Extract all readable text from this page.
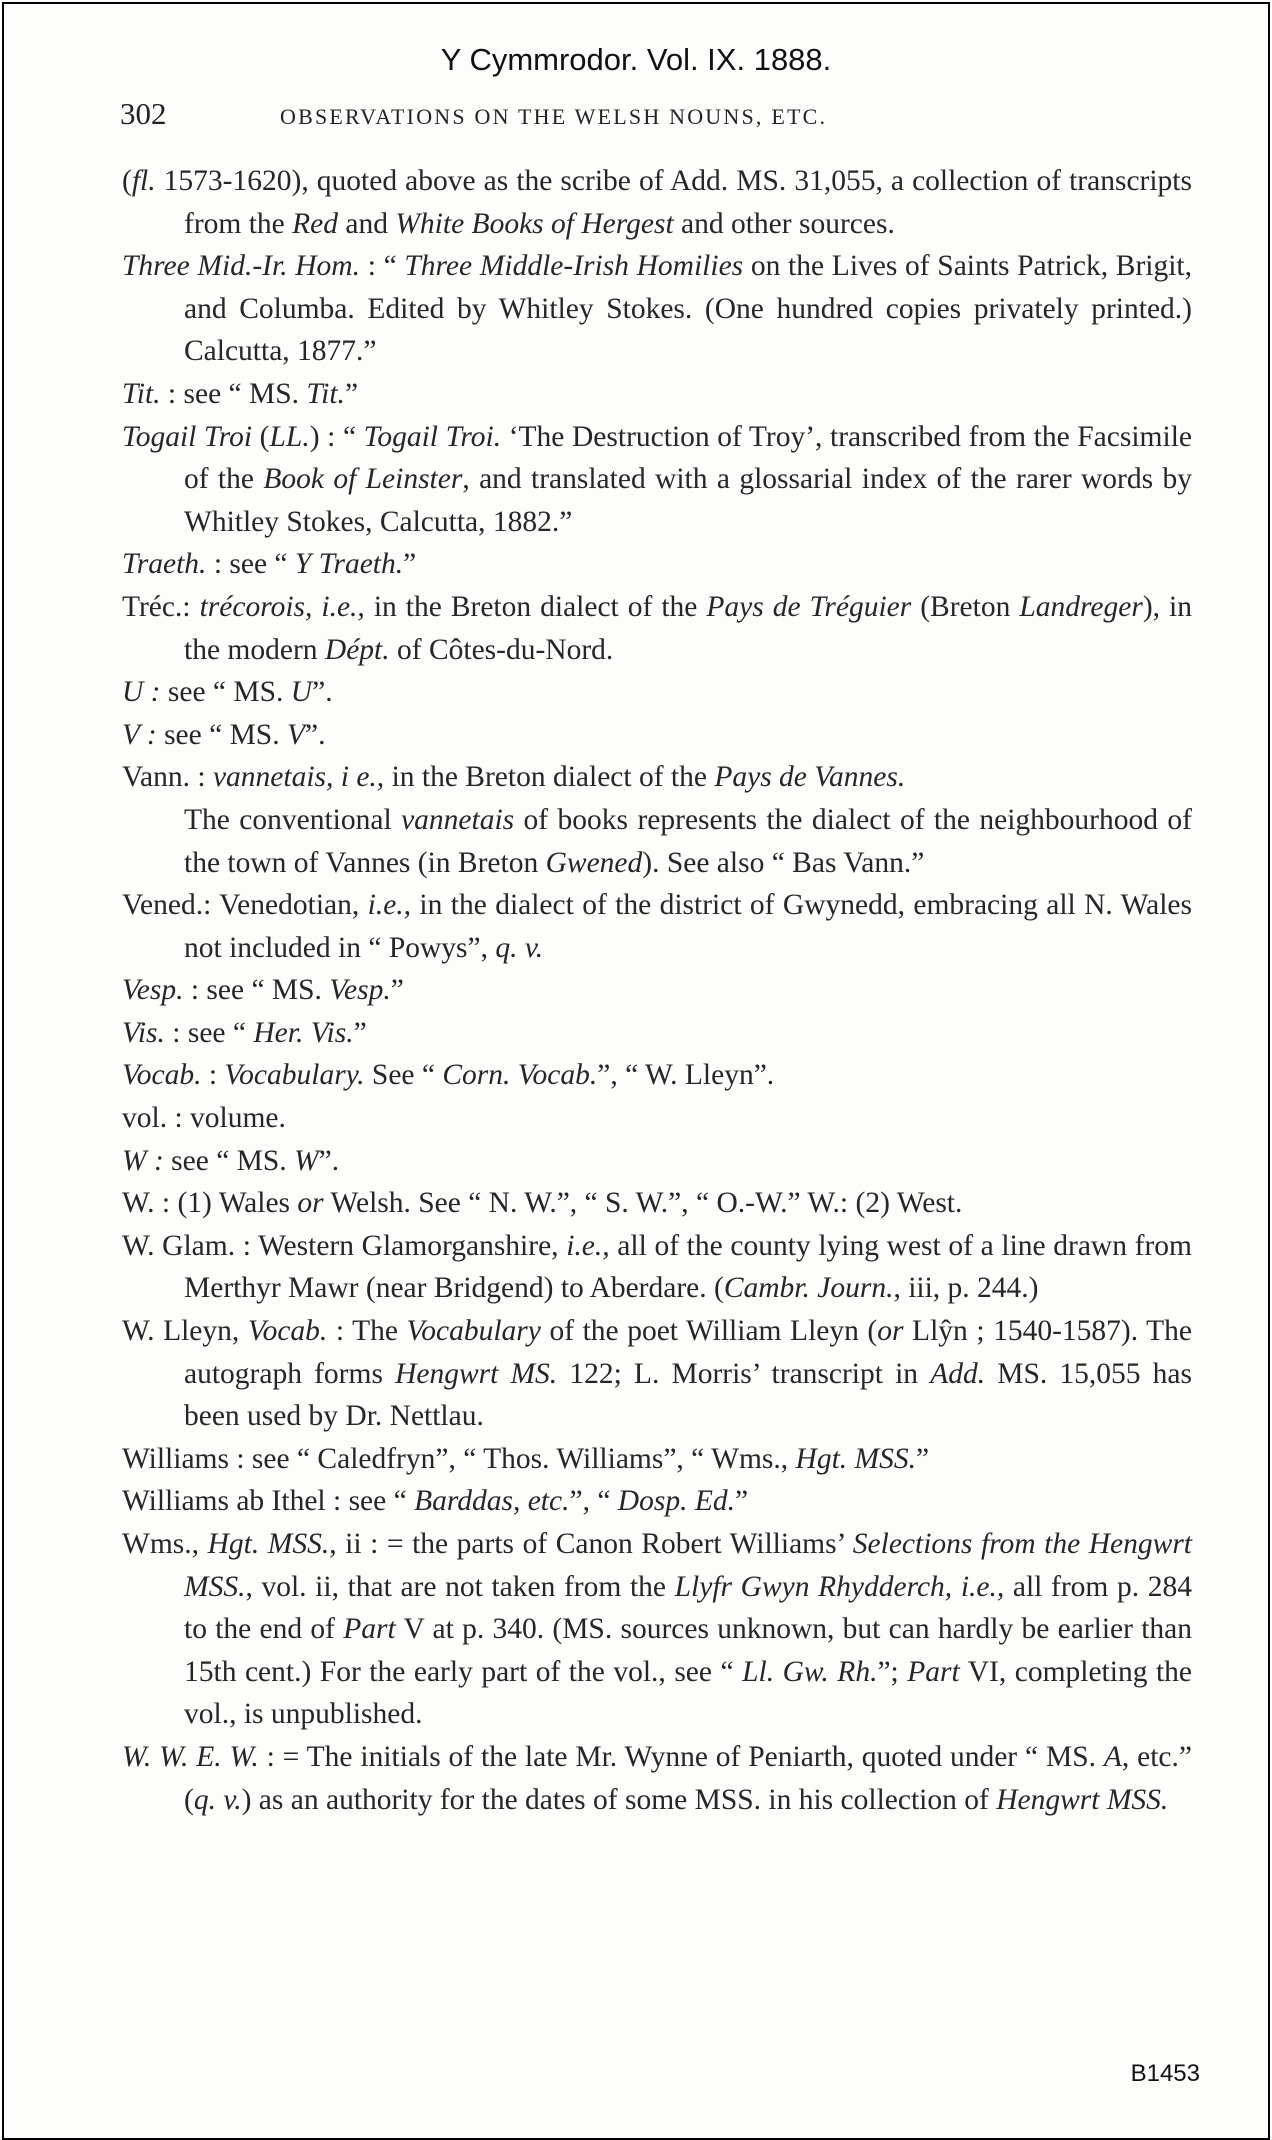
Y Cymmrodor. Vol. IX. 1888.
302	OBSERVATIONS ON THE WELSH NOUNS, ETC.

(fl. 1573-1620), quoted above as the scribe of Add. MS. 31,055, a collection of transcripts from the Red and White Books of Hergest and other sources.

Three Mid.-Ir. Hom. : “ Three Middle-Irish Homilies on the Lives of Saints Patrick, Brigit, and Columba. Edited by Whitley Stokes. (One hundred copies privately printed.) Calcutta, 1877.”

Tit. : see “ MS. Tit.”

Togail Troi (LL.) : “ Togail Troi. ‘The Destruction of Troy’, transcribed from the Facsimile of the Book of Leinster, and translated with a glossarial index of the rarer words by Whitley Stokes, Calcutta, 1882.”

Traeth. : see “ Y Traeth.”

Tréc.: trécorois, i.e., in the Breton dialect of the Pays de Tréguier (Breton Landreger), in the modern Dépt. of Côtes-du-Nord.

U : see “ MS. U”.

V : see “ MS. V”.

Vann. : vannetais, i e., in the Breton dialect of the Pays de Vannes.

The conventional vannetais of books represents the dialect of the neighbourhood of the town of Vannes (in Breton Gwened). See also “ Bas Vann.”

Vened.: Venedotian, i.e., in the dialect of the district of Gwynedd, embracing all N. Wales not included in “ Powys”, q. v.

Vesp. : see “ MS. Vesp.”

Vis. : see “ Her. Vis.”

Vocab. : Vocabulary. See “ Corn. Vocab.”, “ W. Lleyn”.

vol. : volume.

W : see “ MS. W”.

W. : (1) Wales or Welsh. See “ N. W.”, “ S. W.”, “ O.-W.” W.: (2) West.

W. Glam. : Western Glamorganshire, i.e., all of the county lying west of a line drawn from Merthyr Mawr (near Bridgend) to Aberdare. (Cambr. Journ., iii, p. 244.)

W. Lleyn, Vocab. : The Vocabulary of the poet William Lleyn (or Llŷn ; 1540-1587). The autograph forms Hengwrt MS. 122; L. Morris’ transcript in Add. MS. 15,055 has been used by Dr. Nettlau.

Williams : see “ Caledfryn”, “ Thos. Williams”, “ Wms., Hgt. MSS.”

Williams ab Ithel : see “ Barddas, etc.”, “ Dosp. Ed.”

Wms., Hgt. MSS., ii : = the parts of Canon Robert Williams’ Selections from the Hengwrt MSS., vol. ii, that are not taken from the Llyfr Gwyn Rhydderch, i.e., all from p. 284 to the end of Part V at p. 340. (MS. sources unknown, but can hardly be earlier than 15th cent.) For the early part of the vol., see “ Ll. Gw. Rh.”; Part VI, completing the vol., is unpublished.

W. W. E. W. : = The initials of the late Mr. Wynne of Peniarth, quoted under “ MS. A, etc.” (q. v.) as an authority for the dates of some MSS. in his collection of Hengwrt MSS.

B1453
